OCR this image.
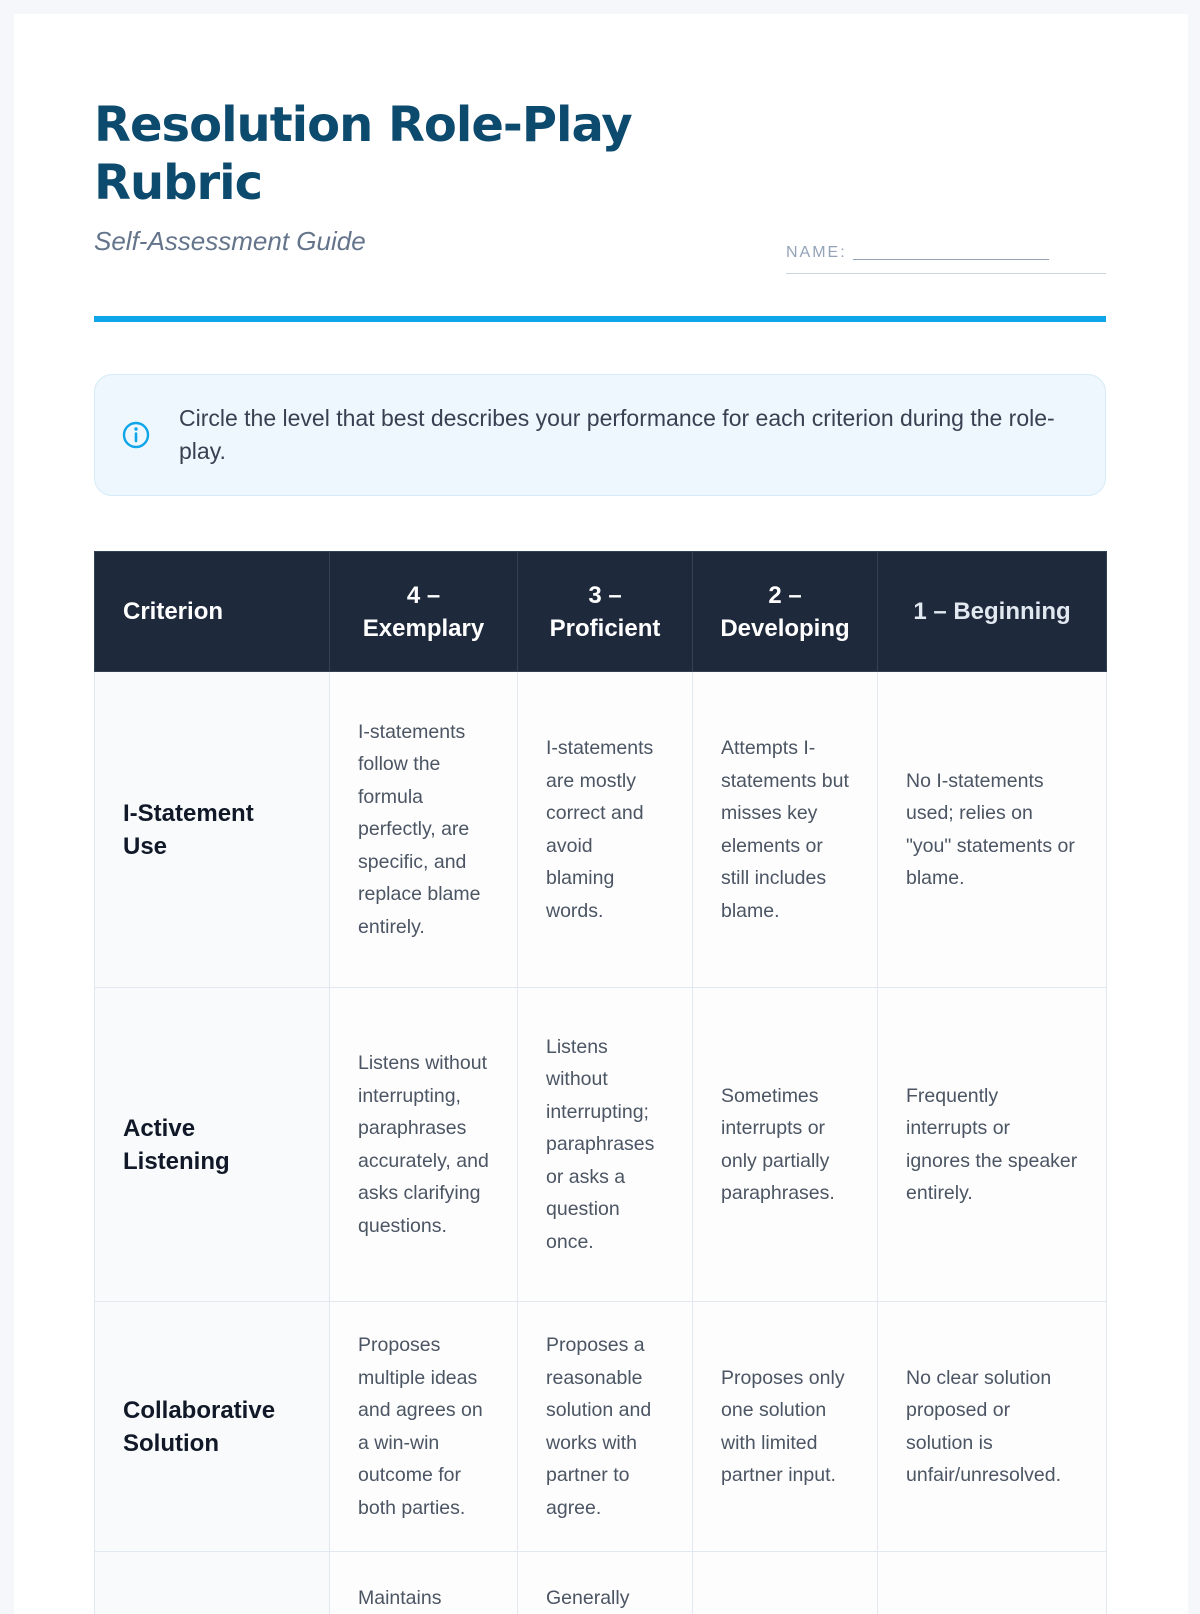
Resolution Role-Play Rubric
Self-Assessment Guide	NAME: ______________________
Circle the level that best describes your performance for each criterion during the role-play.
Criterion	4 – Exemplary	3 – Proficient	2 – Developing	1 – Beginning
I-Statement Use	I-statements follow the formula perfectly, are specific, and replace blame entirely.	I-statements are mostly correct and avoid blaming words.	Attempts I-statements but misses key elements or still includes blame.	No I-statements used; relies on "you" statements or blame.
Active Listening	Listens without interrupting, paraphrases accurately, and asks clarifying questions.	Listens without interrupting; paraphrases or asks a question once.	Sometimes interrupts or only partially paraphrases.	Frequently interrupts or ignores the speaker entirely.
Collaborative Solution	Proposes multiple ideas and agrees on a win-win outcome for both parties.	Proposes a reasonable solution and works with partner to agree.	Proposes only one solution with limited partner input.	No clear solution proposed or solution is unfair/unresolved.
	Maintains	Generally		
